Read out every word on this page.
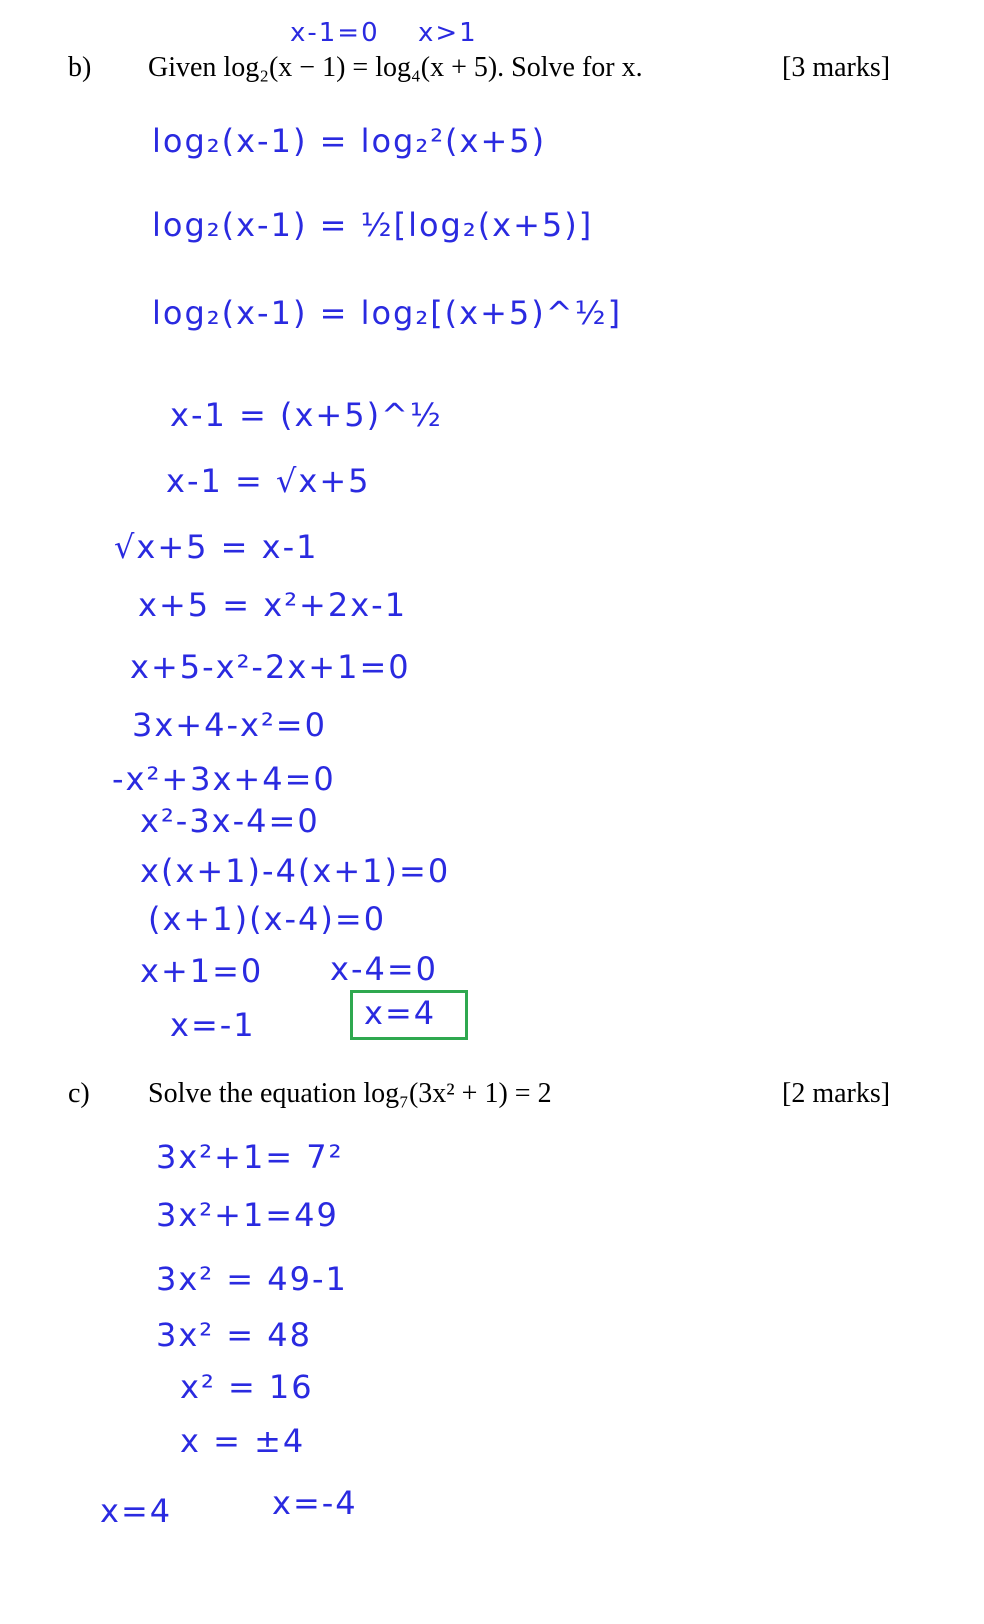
x-1=0 x>1
b) Given log₂(x − 1) = log₄(x + 5). Solve for x.	[3 marks]
log₂(x-1) = log₂²(x+5)
log₂(x-1) = ½[log₂(x+5)]
log₂(x-1) = log₂[(x+5)^½]
x-1 = (x+5)^½
x-1 = √x+5
√x+5 = x-1
x+5 = x²+2x-1
x+5-x²-2x+1=0
3x+4-x²=0
-x²+3x+4=0
x²-3x-4=0
x(x+1)-4(x+1)=0
(x+1)(x-4)=0
x+1=0 x-4=0
x=-1	x=4
c) Solve the equation log₇(3x² + 1) = 2	[2 marks]
3x²+1= 7²
3x²+1=49
3x² = 49-1
3x² = 48
x² = 16
x = ±4
x=4	x=-4
